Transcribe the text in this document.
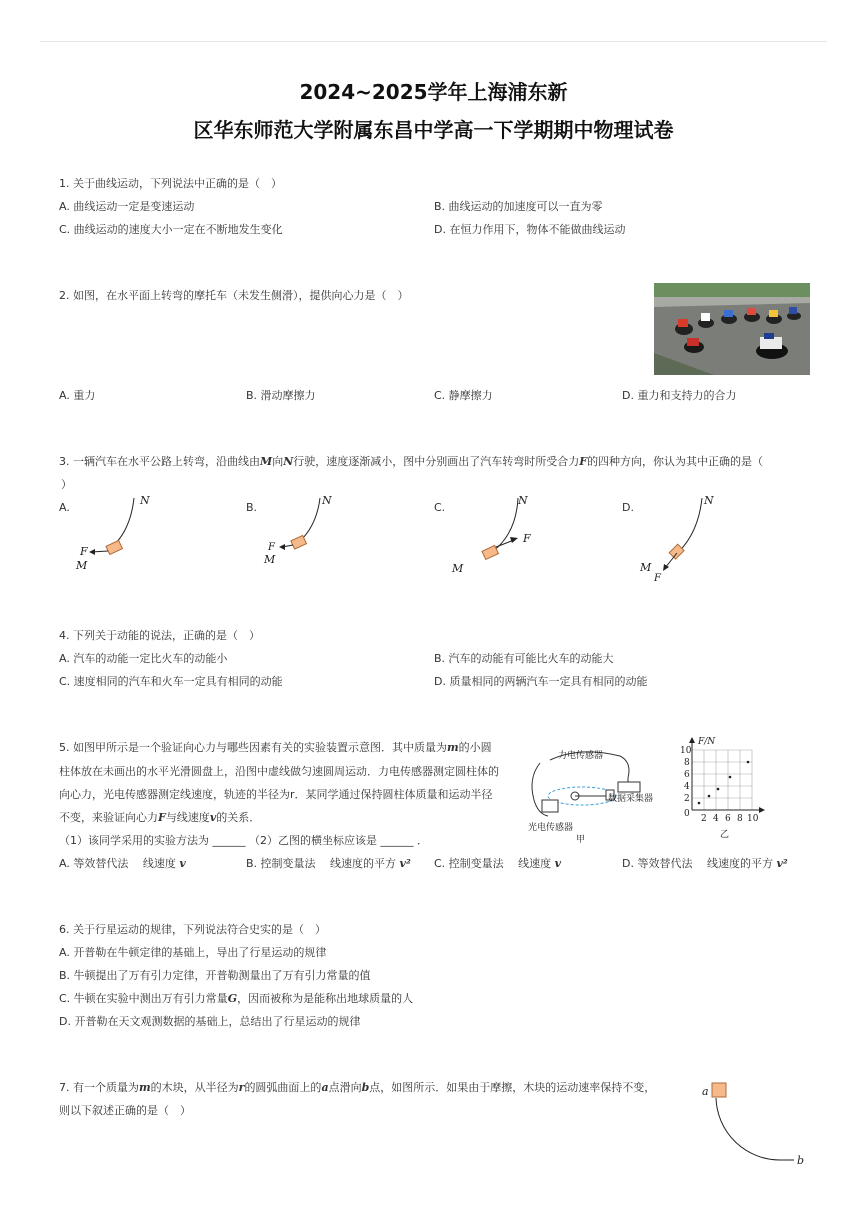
2024~2025学年上海浦东新
区华东师范大学附属东昌中学高一下学期期中物理试卷
1. 关于曲线运动，下列说法中正确的是（　）
A. 曲线运动一定是变速运动	B. 曲线运动的加速度可以一直为零
C. 曲线运动的速度大小一定在不断地发生变化	D. 在恒力作用下，物体不能做曲线运动
2. 如图，在水平面上转弯的摩托车（未发生侧滑），提供向心力是（　）
A. 重力	B. 滑动摩擦力	C. 静摩擦力	D. 重力和支持力的合力
3. 一辆汽车在水平公路上转弯，沿曲线由M向N行驶，速度逐渐减小，图中分别画出了汽车转弯时所受合力F的四种方向，你认为其中正确的是（
）
A.
N
F
M
B.
N
F
M
C.
N
F
M
D.
N
M
F
4. 下列关于动能的说法，正确的是（　）
A. 汽车的动能一定比火车的动能小	B. 汽车的动能有可能比火车的动能大
C. 速度相同的汽车和火车一定具有相同的动能	D. 质量相同的两辆汽车一定具有相同的动能
5. 如图甲所示是一个验证向心力与哪些因素有关的实验装置示意图．其中质量为m的小圆
柱体放在未画出的水平光滑圆盘上，沿图中虚线做匀速圆周运动．力电传感器测定圆柱体的
向心力，光电传感器测定线速度，轨迹的半径为r．某同学通过保持圆柱体质量和运动半径
不变，来验证向心力F与线速度v的关系．
（1）该同学采用的实验方法为 ______ （2）乙图的横坐标应该是 ______ ．
力电传感器
数据采集器
光电传感器
甲
F/N
10
8
6
4
2
0 2 4 6 8 10
乙
A. 等效替代法　 线速度 v	B. 控制变量法　 线速度的平方 v² C. 控制变量法　 线速度 v	D. 等效替代法　 线速度的平方 v²
6. 关于行星运动的规律，下列说法符合史实的是（　）
A. 开普勒在牛顿定律的基础上，导出了行星运动的规律
B. 牛顿提出了万有引力定律，开普勒测量出了万有引力常量的值
C. 牛顿在实验中测出万有引力常量G，因而被称为是能称出地球质量的人
D. 开普勒在天文观测数据的基础上，总结出了行星运动的规律
7. 有一个质量为m的木块，从半径为r的圆弧曲面上的a点滑向b点，如图所示．如果由于摩擦，木块的运动速率保持不变，
则以下叙述正确的是（　）
a
b
